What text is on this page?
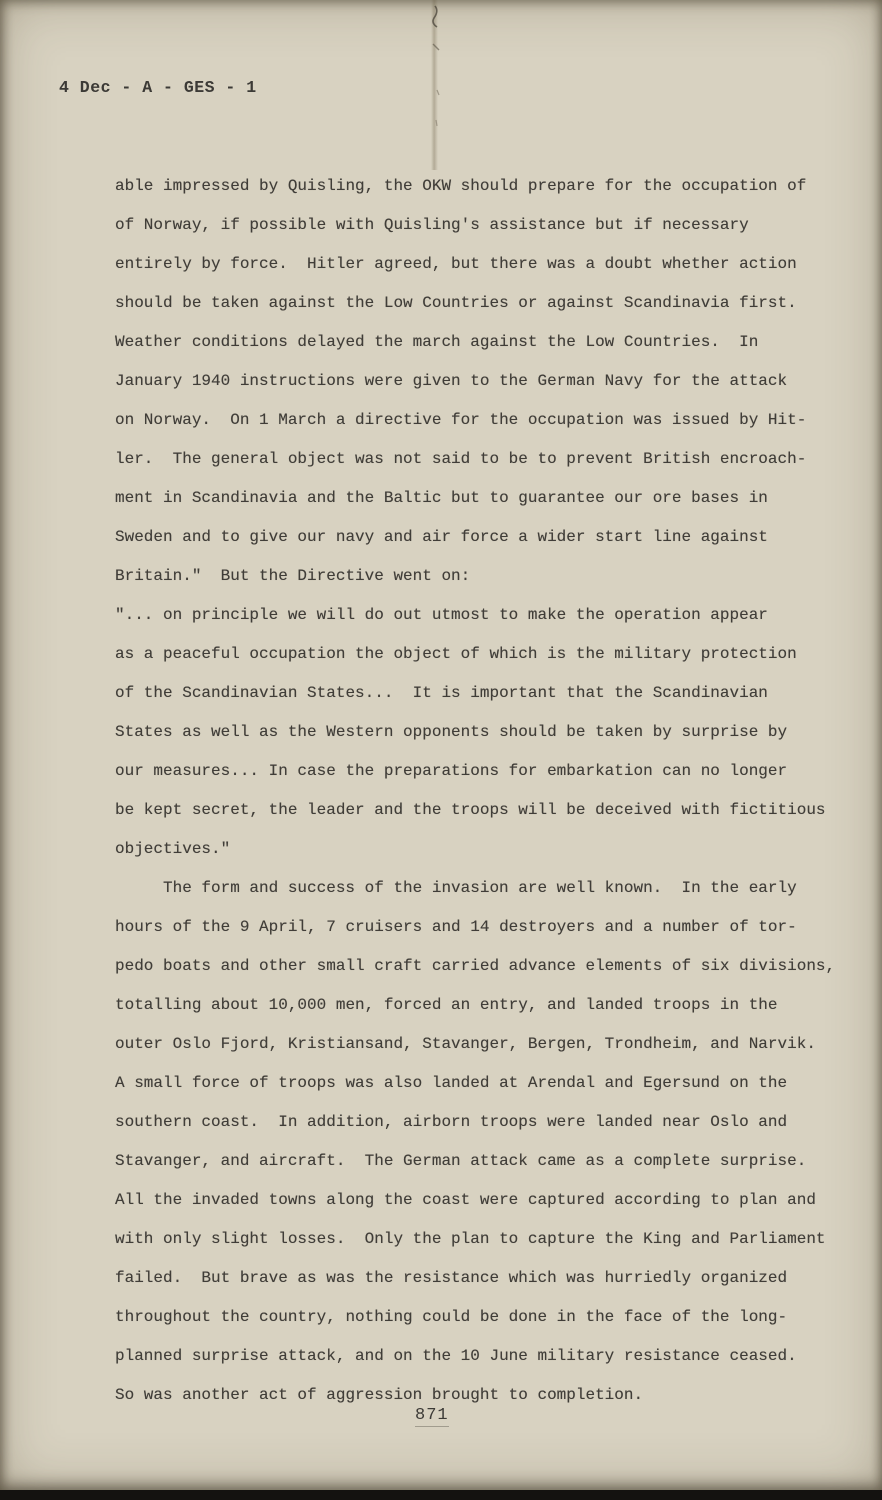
4 Dec - A - GES - 1
able impressed by Quisling, the OKW should prepare for the occupation of
of Norway, if possible with Quisling's assistance but if necessary
entirely by force.  Hitler agreed, but there was a doubt whether action
should be taken against the Low Countries or against Scandinavia first.
Weather conditions delayed the march against the Low Countries.  In
January 1940 instructions were given to the German Navy for the attack
on Norway.  On 1 March a directive for the occupation was issued by Hit-
ler.  The general object was not said to be to prevent British encroach-
ment in Scandinavia and the Baltic but to guarantee our ore bases in
Sweden and to give our navy and air force a wider start line against
Britain."  But the Directive went on:
"... on principle we will do out utmost to make the operation appear
as a peaceful occupation the object of which is the military protection
of the Scandinavian States...  It is important that the Scandinavian
States as well as the Western opponents should be taken by surprise by
our measures... In case the preparations for embarkation can no longer
be kept secret, the leader and the troops will be deceived with fictitious
objectives."
The form and success of the invasion are well known.  In the early
hours of the 9 April, 7 cruisers and 14 destroyers and a number of tor-
pedo boats and other small craft carried advance elements of six divisions,
totalling about 10,000 men, forced an entry, and landed troops in the
outer Oslo Fjord, Kristiansand, Stavanger, Bergen, Trondheim, and Narvik.
A small force of troops was also landed at Arendal and Egersund on the
southern coast.  In addition, airborn troops were landed near Oslo and
Stavanger, and aircraft.  The German attack came as a complete surprise.
All the invaded towns along the coast were captured according to plan and
with only slight losses.  Only the plan to capture the King and Parliament
failed.  But brave as was the resistance which was hurriedly organized
throughout the country, nothing could be done in the face of the long-
planned surprise attack, and on the 10 June military resistance ceased.
So was another act of aggression brought to completion.
871
